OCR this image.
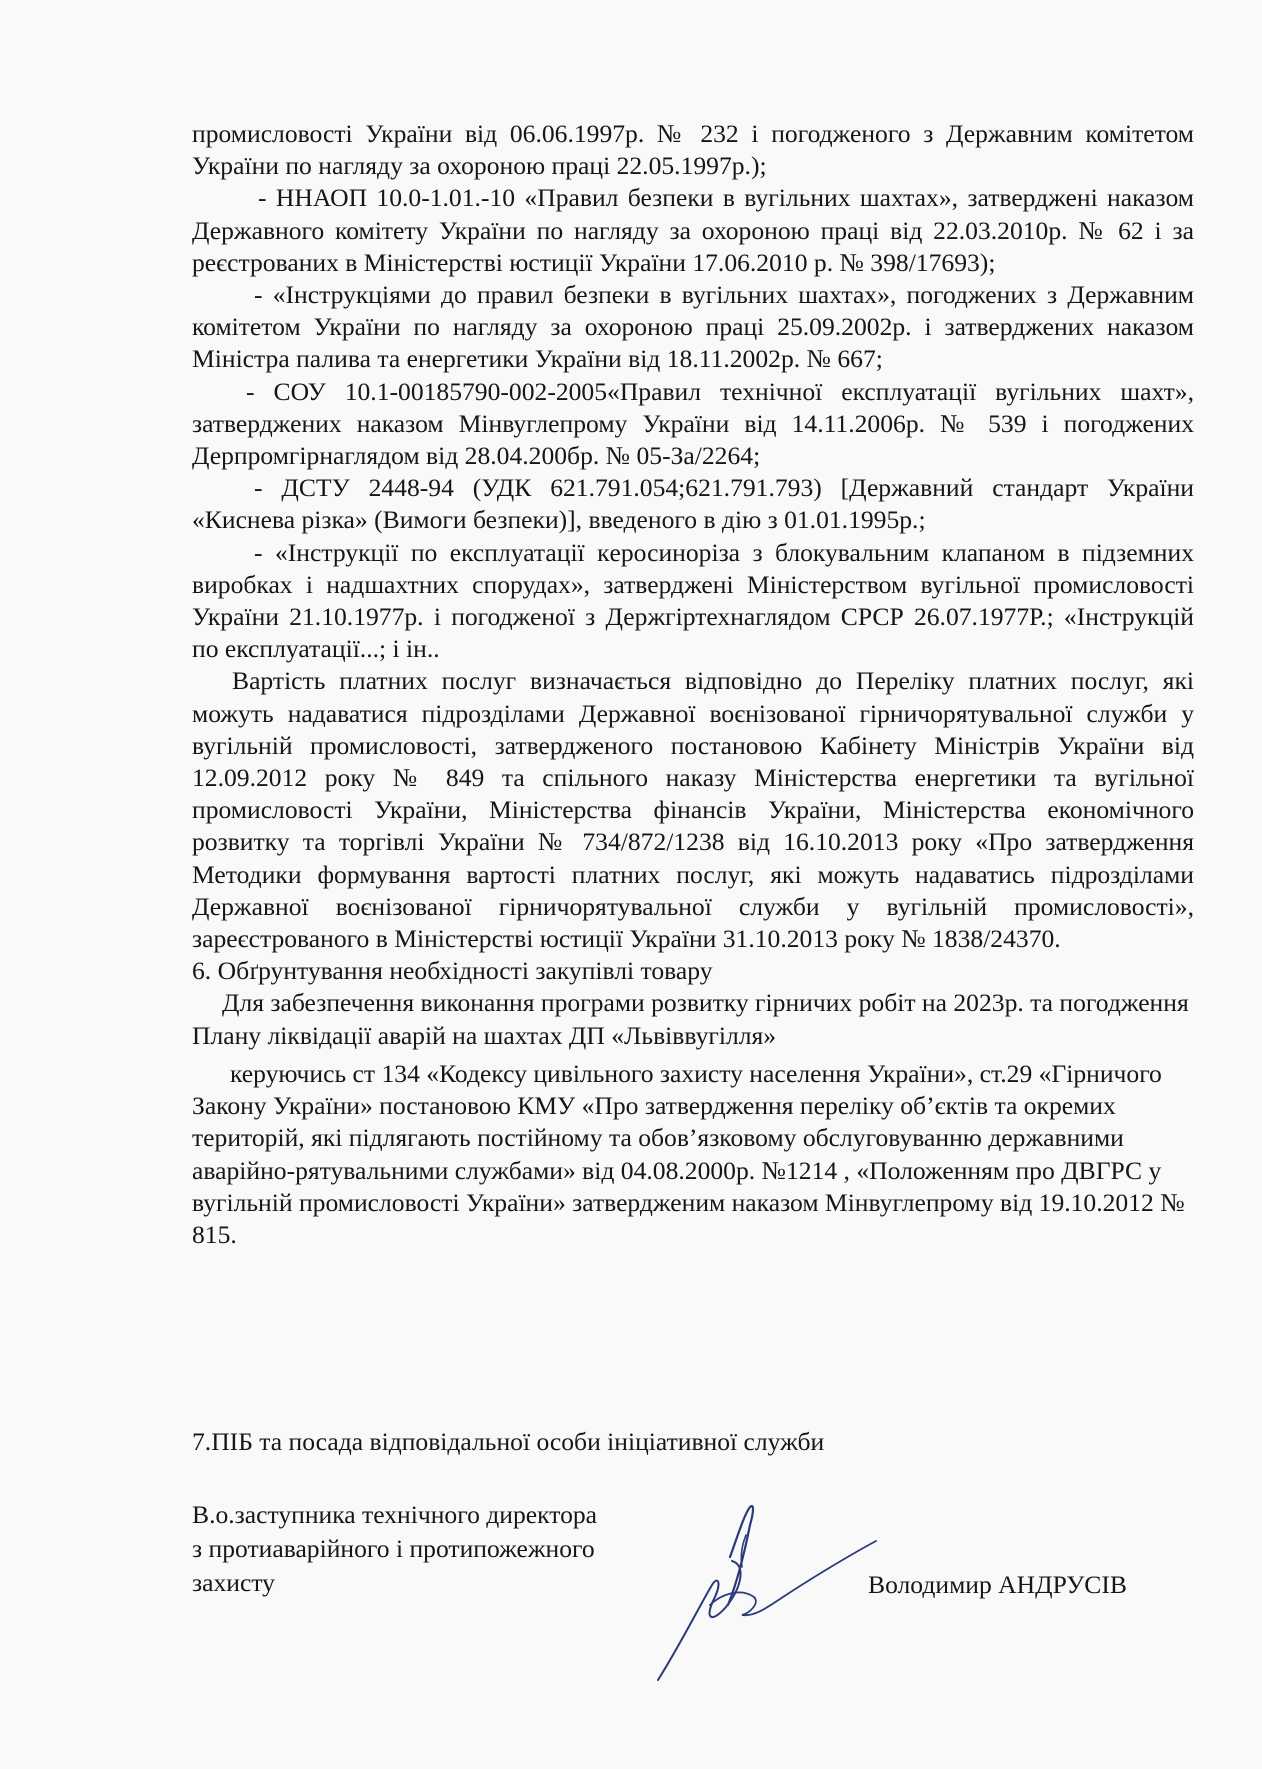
промисловості України від 06.06.1997р. № 232 і погодженого з Державним комітетом України по нагляду за охороною праці 22.05.1997р.);

- ННАОП 10.0-1.01.-10 «Правил безпеки в вугільних шахтах», затверджені наказом Державного комітету України по нагляду за охороною праці від 22.03.2010р. № 62 і за реєстрованих в Міністерстві юстиції України 17.06.2010 р. № 398/17693);

- «Інструкціями до правил безпеки в вугільних шахтах», погоджених з Державним комітетом України по нагляду за охороною праці 25.09.2002р. і затверджених наказом Міністра палива та енергетики України від 18.11.2002р. № 667;

- СОУ 10.1-00185790-002-2005«Правил технічної експлуатації вугільних шахт», затверджених наказом Мінвуглепрому України від 14.11.2006р. № 539 і погоджених Дерпромгірнаглядом від 28.04.200бр. № 05-За/2264;

- ДСТУ 2448-94 (УДК 621.791.054;621.791.793) [Державний стандарт України «Киснева різка» (Вимоги безпеки)], введеного в дію з 01.01.1995р.;

- «Інструкції по експлуатації кeросинорізa з блокувальним клапаном в підземних виробках і надшахтних спорудах», затверджені Міністерством вугільної промисловості України 21.10.1977р. і погодженої з Держгіртехнаглядом СРСР 26.07.1977Р.; «Інструкцій по експлуатації...; і ін..

Вартість платних послуг визначається відповідно до Переліку платних послуг, які можуть надаватися підрозділами Державної воєнізованої гірничорятувальної служби у вугільній промисловості, затвердженого постановою Кабінету Міністрів України від 12.09.2012 року № 849 та спільного наказу Міністерства енергетики та вугільної промисловості України, Міністерства фінансів України, Міністерства економічного розвитку та торгівлі України № 734/872/1238 від 16.10.2013 року «Про затвердження Методики формування вартості платних послуг, які можуть надаватись підрозділами Державної воєнізованої гірничорятувальної служби у вугільній промисловості», зареєстрованого в Міністерстві юстиції України 31.10.2013 року № 1838/24370.

6. Обґрунтування необхідності закупівлі товару

Для забезпечення виконання програми розвитку гірничих робіт на 2023р. та погодження Плану ліквідації аварій на шахтах ДП «Львіввугілля»

керуючись ст 134 «Кодексу цивільного захисту населення України», ст.29 «Гірничого Закону України» постановою КМУ «Про затвердження переліку об’єктів та окремих територій, які підлягають постійному та обов’язковому обслуговуванню державними аварійно-рятувальними службами» від 04.08.2000р. №1214 , «Положенням про ДВГРС у вугільній промисловості України» затвердженим наказом Мінвуглепрому від 19.10.2012 № 815.

7.ПІБ та посада відповідальної особи ініціативної служби
В.о.заступника технічного директора
з протиаварійного і протипожежного
захисту	Володимир АНДРУСІВ
